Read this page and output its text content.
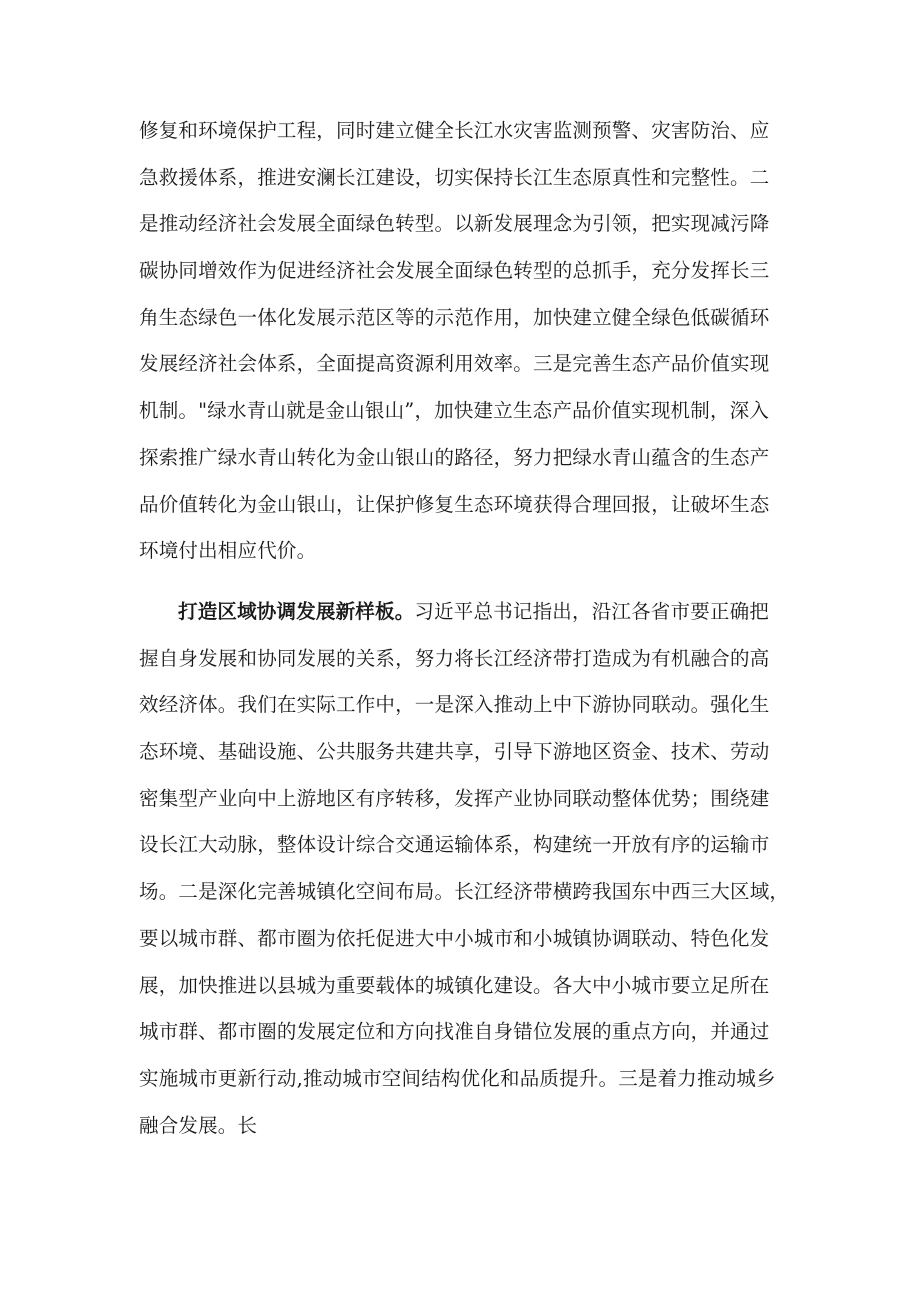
修复和环境保护工程，同时建立健全长江水灾害监测预警、灾害防治、应
急救援体系，推进安澜长江建设，切实保持长江生态原真性和完整性。二
是推动经济社会发展全面绿色转型。以新发展理念为引领，把实现减污降
碳协同增效作为促进经济社会发展全面绿色转型的总抓手，充分发挥长三
角生态绿色一体化发展示范区等的示范作用，加快建立健全绿色低碳循环
发展经济社会体系，全面提高资源利用效率。三是完善生态产品价值实现
机制。"绿水青山就是金山银山”，加快建立生态产品价值实现机制，深入
探索推广绿水青山转化为金山银山的路径，努力把绿水青山蕴含的生态产
品价值转化为金山银山，让保护修复生态环境获得合理回报，让破坏生态
环境付出相应代价。
打造区域协调发展新样板。习近平总书记指出，沿江各省市要正确把
握自身发展和协同发展的关系，努力将长江经济带打造成为有机融合的高
效经济体。我们在实际工作中，一是深入推动上中下游协同联动。强化生
态环境、基础设施、公共服务共建共享，引导下游地区资金、技术、劳动
密集型产业向中上游地区有序转移，发挥产业协同联动整体优势；围绕建
设长江大动脉，整体设计综合交通运输体系，构建统一开放有序的运输市
场。二是深化完善城镇化空间布局。长江经济带横跨我国东中西三大区域，
要以城市群、都市圈为依托促进大中小城市和小城镇协调联动、特色化发
展，加快推进以县城为重要载体的城镇化建设。各大中小城市要立足所在
城市群、都市圈的发展定位和方向找准自身错位发展的重点方向，并通过
实施城市更新行动,推动城市空间结构优化和品质提升。三是着力推动城乡
融合发展。长
